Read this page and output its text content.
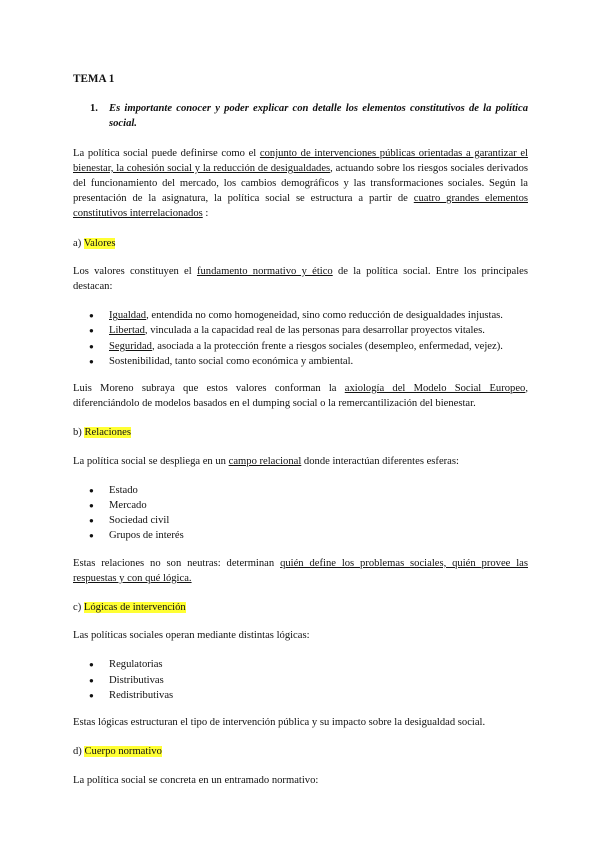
TEMA 1
1.	Es importante conocer y poder explicar con detalle los elementos constitutivos de la política social.

La política social puede definirse como el conjunto de intervenciones públicas orientadas a garantizar el bienestar, la cohesión social y la reducción de desigualdades, actuando sobre los riesgos sociales derivados del funcionamiento del mercado, los cambios demográficos y las transformaciones sociales. Según la presentación de la asignatura, la política social se estructura a partir de cuatro grandes elementos constitutivos interrelacionados :

a) Valores

Los valores constituyen el fundamento normativo y ético de la política social. Entre los principales destacan:

● Igualdad, entendida no como homogeneidad, sino como reducción de desigualdades injustas.
● Libertad, vinculada a la capacidad real de las personas para desarrollar proyectos vitales.
● Seguridad, asociada a la protección frente a riesgos sociales (desempleo, enfermedad, vejez).
● Sostenibilidad, tanto social como económica y ambiental.

Luis Moreno subraya que estos valores conforman la axiología del Modelo Social Europeo, diferenciándolo de modelos basados en el dumping social o la remercantilización del bienestar.

b) Relaciones

La política social se despliega en un campo relacional donde interactúan diferentes esferas:

● Estado
● Mercado
● Sociedad civil
● Grupos de interés

Estas relaciones no son neutras: determinan quién define los problemas sociales, quién provee las respuestas y con qué lógica.

c) Lógicas de intervención

Las políticas sociales operan mediante distintas lógicas:

● Regulatorias
● Distributivas
● Redistributivas

Estas lógicas estructuran el tipo de intervención pública y su impacto sobre la desigualdad social.

d) Cuerpo normativo

La política social se concreta en un entramado normativo:
